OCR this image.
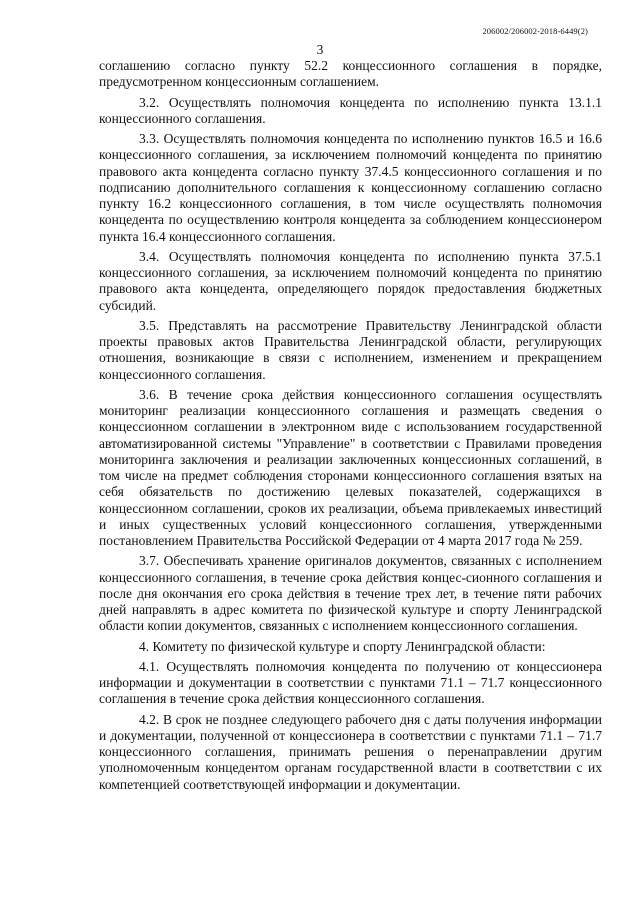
206002/206002-2018-6449(2)
3

соглашению согласно пункту 52.2 концессионного соглашения в порядке, предусмотренном концессионным соглашением.

3.2. Осуществлять полномочия концедента по исполнению пункта 13.1.1 концессионного соглашения.

3.3. Осуществлять полномочия концедента по исполнению пунктов 16.5 и 16.6 концессионного соглашения, за исключением полномочий концедента по принятию правового акта концедента согласно пункту 37.4.5 концессионного соглашения и по подписанию дополнительного соглашения к концессионному соглашению согласно пункту 16.2 концессионного соглашения, в том числе осуществлять полномочия концедента по осуществлению контроля концедента за соблюдением концессионером пункта 16.4 концессионного соглашения.

3.4. Осуществлять полномочия концедента по исполнению пункта 37.5.1 концессионного соглашения, за исключением полномочий концедента по принятию правового акта концедента, определяющего порядок предоставления бюджетных субсидий.

3.5. Представлять на рассмотрение Правительству Ленинградской области проекты правовых актов Правительства Ленинградской области, регулирующих отношения, возникающие в связи с исполнением, изменением и прекращением концессионного соглашения.

3.6. В течение срока действия концессионного соглашения осуществлять мониторинг реализации концессионного соглашения и размещать сведения о концессионном соглашении в электронном виде с использованием государственной автоматизированной системы "Управление" в соответствии с Правилами проведения мониторинга заключения и реализации заключенных концессионных соглашений, в том числе на предмет соблюдения сторонами концессионного соглашения взятых на себя обязательств по достижению целевых показателей, содержащихся в концессионном соглашении, сроков их реализации, объема привлекаемых инвестиций и иных существенных условий концессионного соглашения, утвержденными постановлением Правительства Российской Федерации от 4 марта 2017 года № 259.

3.7. Обеспечивать хранение оригиналов документов, связанных с исполнением концессионного соглашения, в течение срока действия концес-сионного соглашения и после дня окончания его срока действия в течение трех лет, в течение пяти рабочих дней направлять в адрес комитета по физической культуре и спорту Ленинградской области копии документов, связанных с исполнением концессионного соглашения.

4. Комитету по физической культуре и спорту Ленинградской области:

4.1. Осуществлять полномочия концедента по получению от концессионера информации и документации в соответствии с пунктами 71.1 – 71.7 концессионного соглашения в течение срока действия концессионного соглашения.

4.2. В срок не позднее следующего рабочего дня с даты получения информации и документации, полученной от концессионера в соответствии с пунктами 71.1 – 71.7 концессионного соглашения, принимать решения о перенаправлении другим уполномоченным концедентом органам государственной власти в соответствии с их компетенцией соответствующей информации и документации.
